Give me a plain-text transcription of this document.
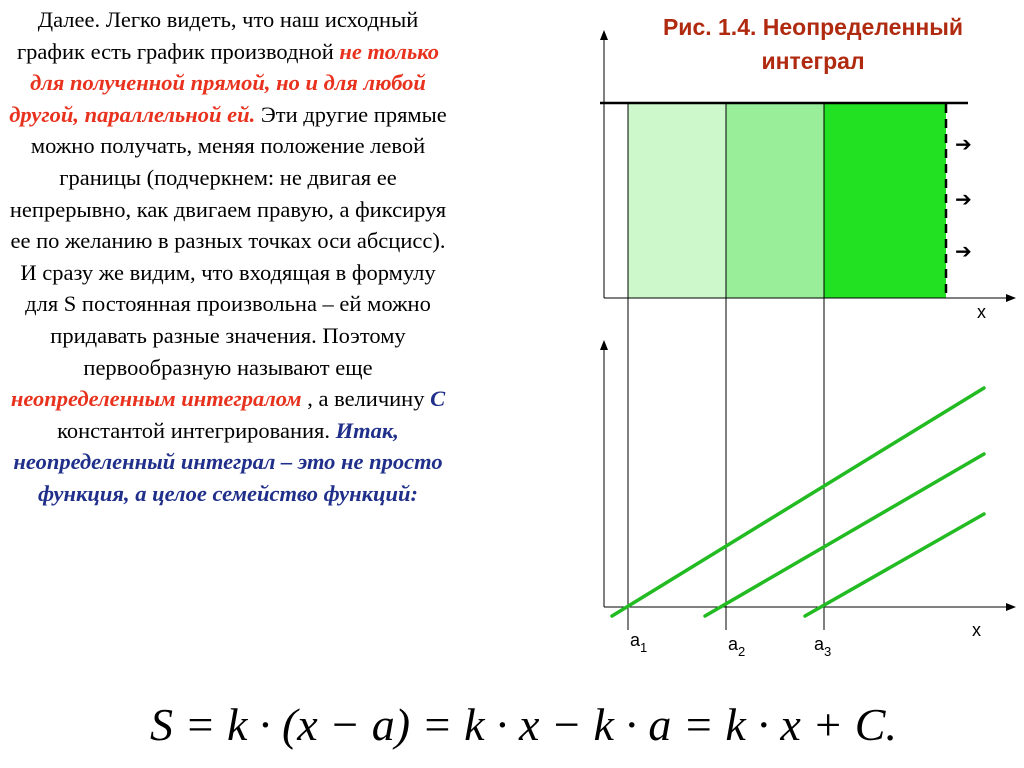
Далее. Легко видеть, что наш исходный график есть график производной не только для полученной прямой, но и для любой другой, параллельной ей. Эти другие прямые можно получать, меняя положение левой границы (подчеркнем: не двигая ее непрерывно, как двигаем правую, а фиксируя ее по желанию в разных точках оси абсцисс). И сразу же видим, что входящая в формулу для S постоянная произвольна – ей можно придавать разные значения. Поэтому первообразную называют еще неопределенным интегралом , а величину C константой интегрирования. Итак, неопределенный интеграл – это не просто функция, а целое семейство функций:
Рис. 1.4. Неопределенный интеграл
x
➔
➔
➔
x
$a_1$	$a_2$	$a_3$
S = k · (x − a) = k · x − k · a = k · x + C.
